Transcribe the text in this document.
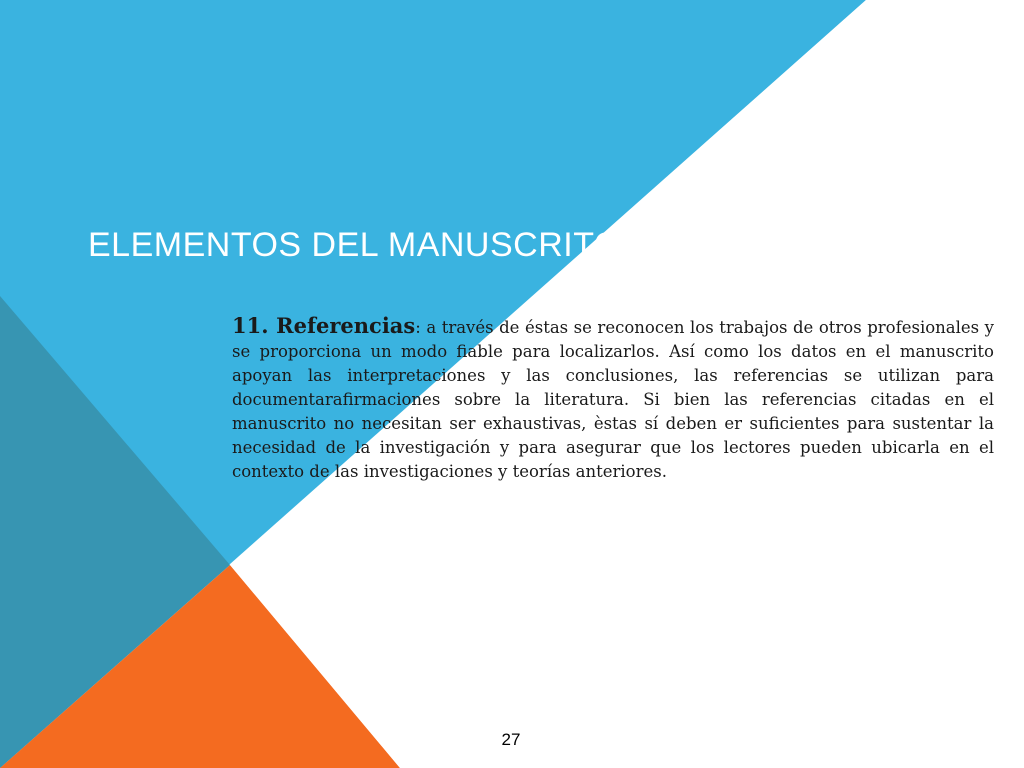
ELEMENTOS DEL MANUSCRITO

11. Referencias: a través de éstas se reconocen los trabajos de otros profesionales y se proporciona un modo fiable para localizarlos. Así como los datos en el manuscrito apoyan las interpretaciones y las conclusiones, las referencias se utilizan para documentarafirmaciones sobre la literatura. Si bien las referencias citadas en el manuscrito no necesitan ser exhaustivas, èstas sí deben er suficientes para sustentar la necesidad de la investigación y para asegurar que los lectores pueden ubicarla en el contexto de las investigaciones y teorías anteriores.

27
